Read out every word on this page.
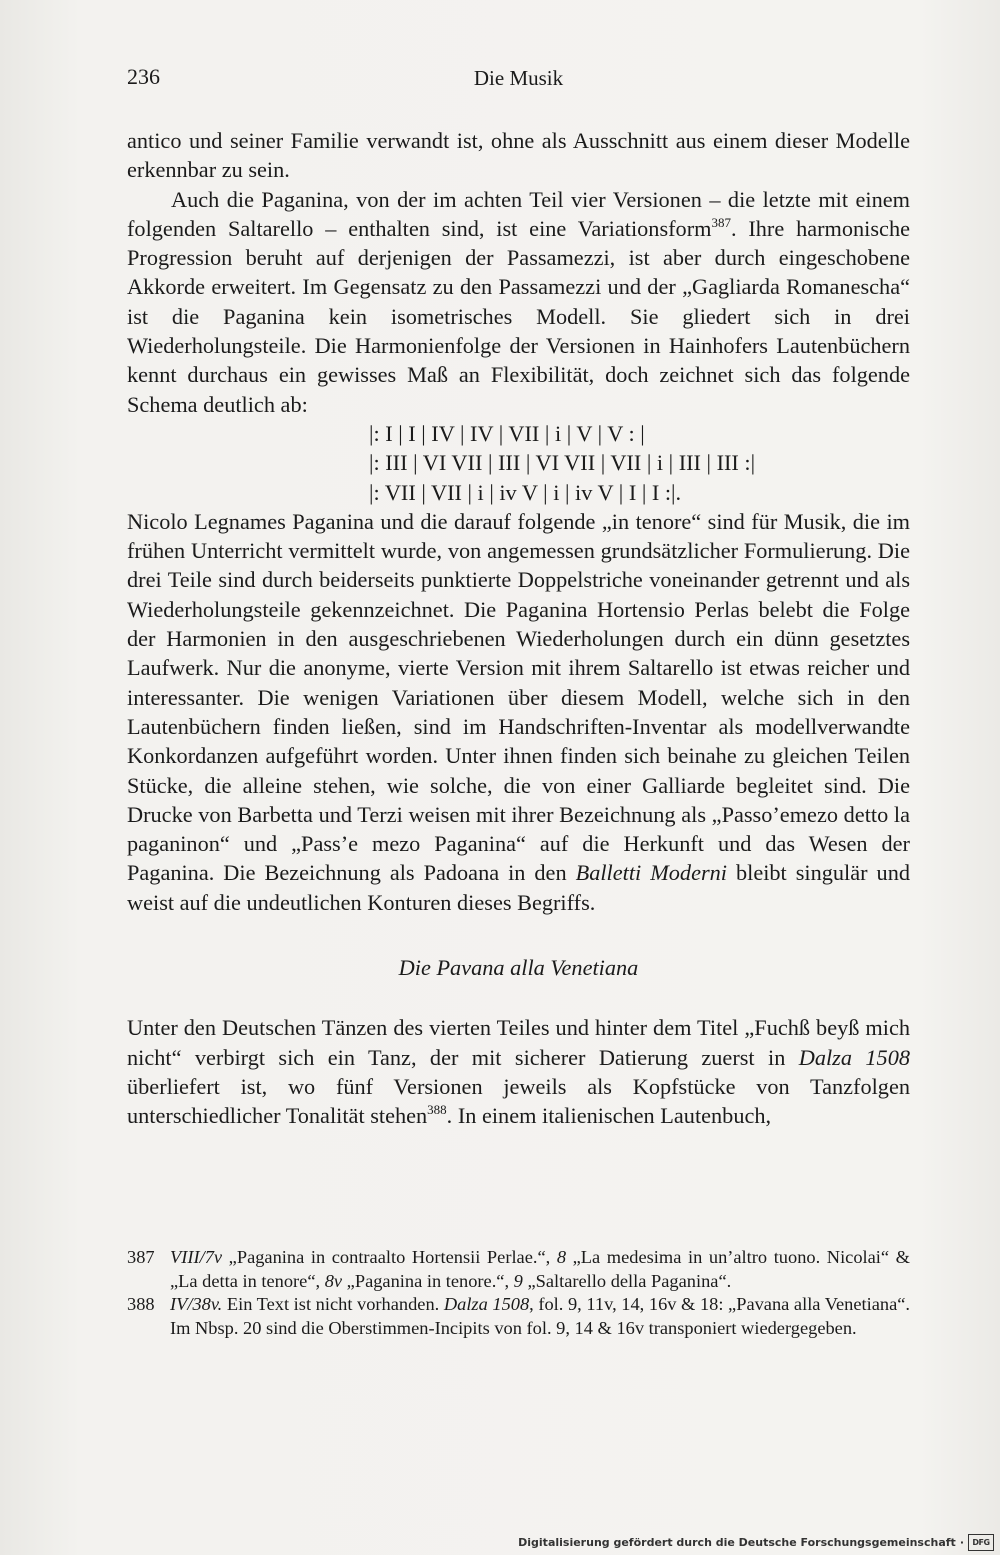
236	Die Musik

antico und seiner Familie verwandt ist, ohne als Ausschnitt aus einem dieser Modelle erkennbar zu sein.

Auch die Paganina, von der im achten Teil vier Versionen – die letzte mit einem folgenden Saltarello – enthalten sind, ist eine Variationsform$^{387}$. Ihre harmonische Progression beruht auf derjenigen der Passamezzi, ist aber durch eingeschobene Akkorde erweitert. Im Gegensatz zu den Passamezzi und der „Gagliarda Romanescha“ ist die Paganina kein isometrisches Modell. Sie gliedert sich in drei Wiederholungsteile. Die Harmonienfolge der Versionen in Hainhofers Lautenbüchern kennt durchaus ein gewisses Maß an Flexibilität, doch zeichnet sich das folgende Schema deutlich ab:

|: I | I | IV | IV | VII | i | V | V : |
|: III | VI VII | III | VI VII | VII | i | III | III :|
|: VII | VII | i | iv V | i | iv V | I | I :|.

Nicolo Legnames Paganina und die darauf folgende „in tenore“ sind für Musik, die im frühen Unterricht vermittelt wurde, von angemessen grundsätzlicher Formulierung. Die drei Teile sind durch beiderseits punktierte Doppelstriche voneinander getrennt und als Wiederholungsteile gekennzeichnet. Die Paganina Hortensio Perlas belebt die Folge der Harmonien in den ausgeschriebenen Wiederholungen durch ein dünn gesetztes Laufwerk. Nur die anonyme, vierte Version mit ihrem Saltarello ist etwas reicher und interessanter. Die wenigen Variationen über diesem Modell, welche sich in den Lautenbüchern finden ließen, sind im Handschriften-Inventar als modellverwandte Konkordanzen aufgeführt worden. Unter ihnen finden sich beinahe zu gleichen Teilen Stücke, die alleine stehen, wie solche, die von einer Galliarde begleitet sind. Die Drucke von Barbetta und Terzi weisen mit ihrer Bezeichnung als „Passo’emezo detto la paganinon“ und „Pass’e mezo Paganina“ auf die Herkunft und das Wesen der Paganina. Die Bezeichnung als Padoana in den Balletti Moderni bleibt singulär und weist auf die undeutlichen Konturen dieses Begriffs.

Die Pavana alla Venetiana

Unter den Deutschen Tänzen des vierten Teiles und hinter dem Titel „Fuchß beyß mich nicht“ verbirgt sich ein Tanz, der mit sicherer Datierung zuerst in Dalza 1508 überliefert ist, wo fünf Versionen jeweils als Kopfstücke von Tanzfolgen unterschiedlicher Tonalität stehen$^{388}$. In einem italienischen Lautenbuch,

387 VIII/7v „Paganina in contraalto Hortensii Perlae.“, 8 „La medesima in un’altro tuono. Nicolai“ & „La detta in tenore“, 8v „Paganina in tenore.“, 9 „Saltarello della Paganina“.
388 IV/38v. Ein Text ist nicht vorhanden. Dalza 1508, fol. 9, 11v, 14, 16v & 18: „Pavana alla Venetiana“. Im Nbsp. 20 sind die Oberstimmen-Incipits von fol. 9, 14 & 16v transponiert wiedergegeben.
Digitalisierung gefördert durch die Deutsche Forschungsgemeinschaft ·	DFG
